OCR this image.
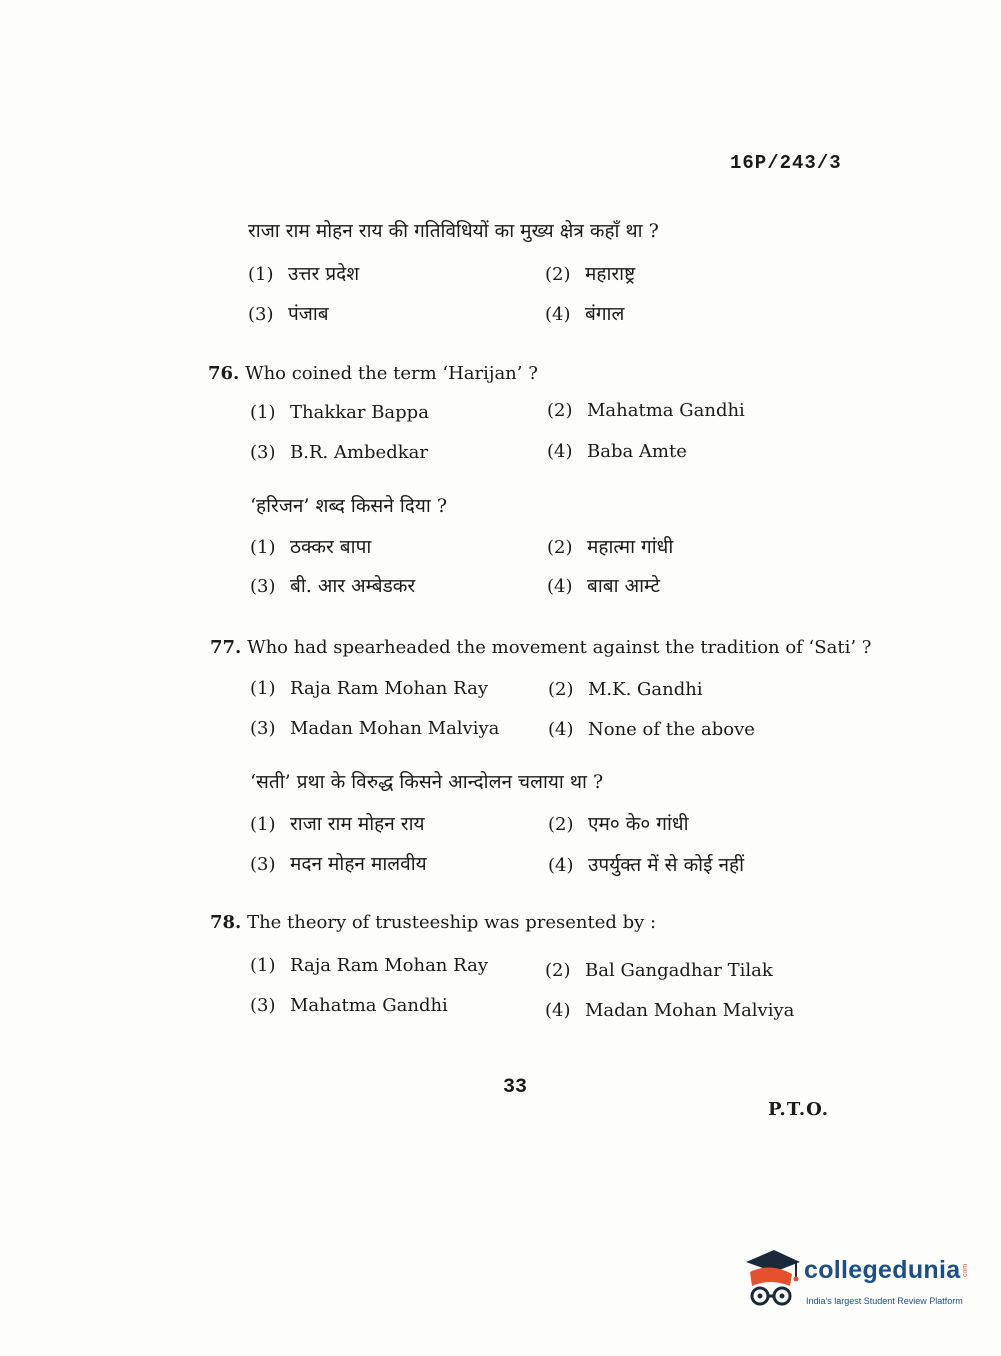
16P/243/3
राजा राम मोहन राय की गतिविधियों का मुख्य क्षेत्र कहाँ था ?
(1) उत्तर प्रदेश	(2) महाराष्ट्र
(3) पंजाब	(4) बंगाल
76. Who coined the term ‘Harijan’ ?
(1) Thakkar Bappa	(2) Mahatma Gandhi
(3) B.R. Ambedkar	(4) Baba Amte
‘हरिजन’ शब्द किसने दिया ?
(1) ठक्कर बापा	(2) महात्मा गांधी
(3) बी. आर अम्बेडकर	(4) बाबा आम्टे
77. Who had spearheaded the movement against the tradition of ‘Sati’ ?
(1) Raja Ram Mohan Ray	(2) M.K. Gandhi
(3) Madan Mohan Malviya	(4) None of the above
‘सती’ प्रथा के विरुद्ध किसने आन्दोलन चलाया था ?
(1) राजा राम मोहन राय	(2) एम० के० गांधी
(3) मदन मोहन मालवीय	(4) उपर्युक्त में से कोई नहीं
78. The theory of trusteeship was presented by :
(1) Raja Ram Mohan Ray	(2) Bal Gangadhar Tilak
(3) Mahatma Gandhi	(4) Madan Mohan Malviya
33
P.T.O.
collegedunia .com
India's largest Student Review Platform
